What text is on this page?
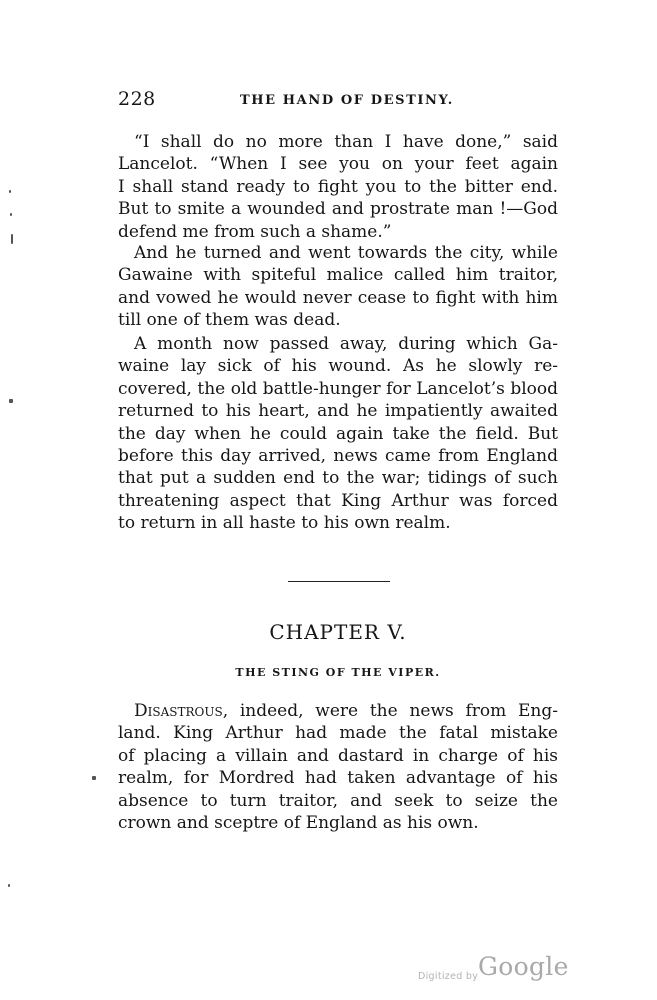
228	THE HAND OF DESTINY.
“I shall do no more than I have done,” said
Lancelot. “When I see you on your feet again
I shall stand ready to fight you to the bitter end.
But to smite a wounded and prostrate man !—God
defend me from such a shame.”
And he turned and went towards the city, while
Gawaine with spiteful malice called him traitor,
and vowed he would never cease to fight with him
till one of them was dead.
A month now passed away, during which Ga-
waine lay sick of his wound. As he slowly re-
covered, the old battle-hunger for Lancelot’s blood
returned to his heart, and he impatiently awaited
the day when he could again take the field. But
before this day arrived, news came from England
that put a sudden end to the war; tidings of such
threatening aspect that King Arthur was forced
to return in all haste to his own realm.
CHAPTER V.
THE STING OF THE VIPER.
Disastrous, indeed, were the news from Eng-
land. King Arthur had made the fatal mistake
of placing a villain and dastard in charge of his
realm, for Mordred had taken advantage of his
absence to turn traitor, and seek to seize the
crown and sceptre of England as his own.
Digitized by Google
